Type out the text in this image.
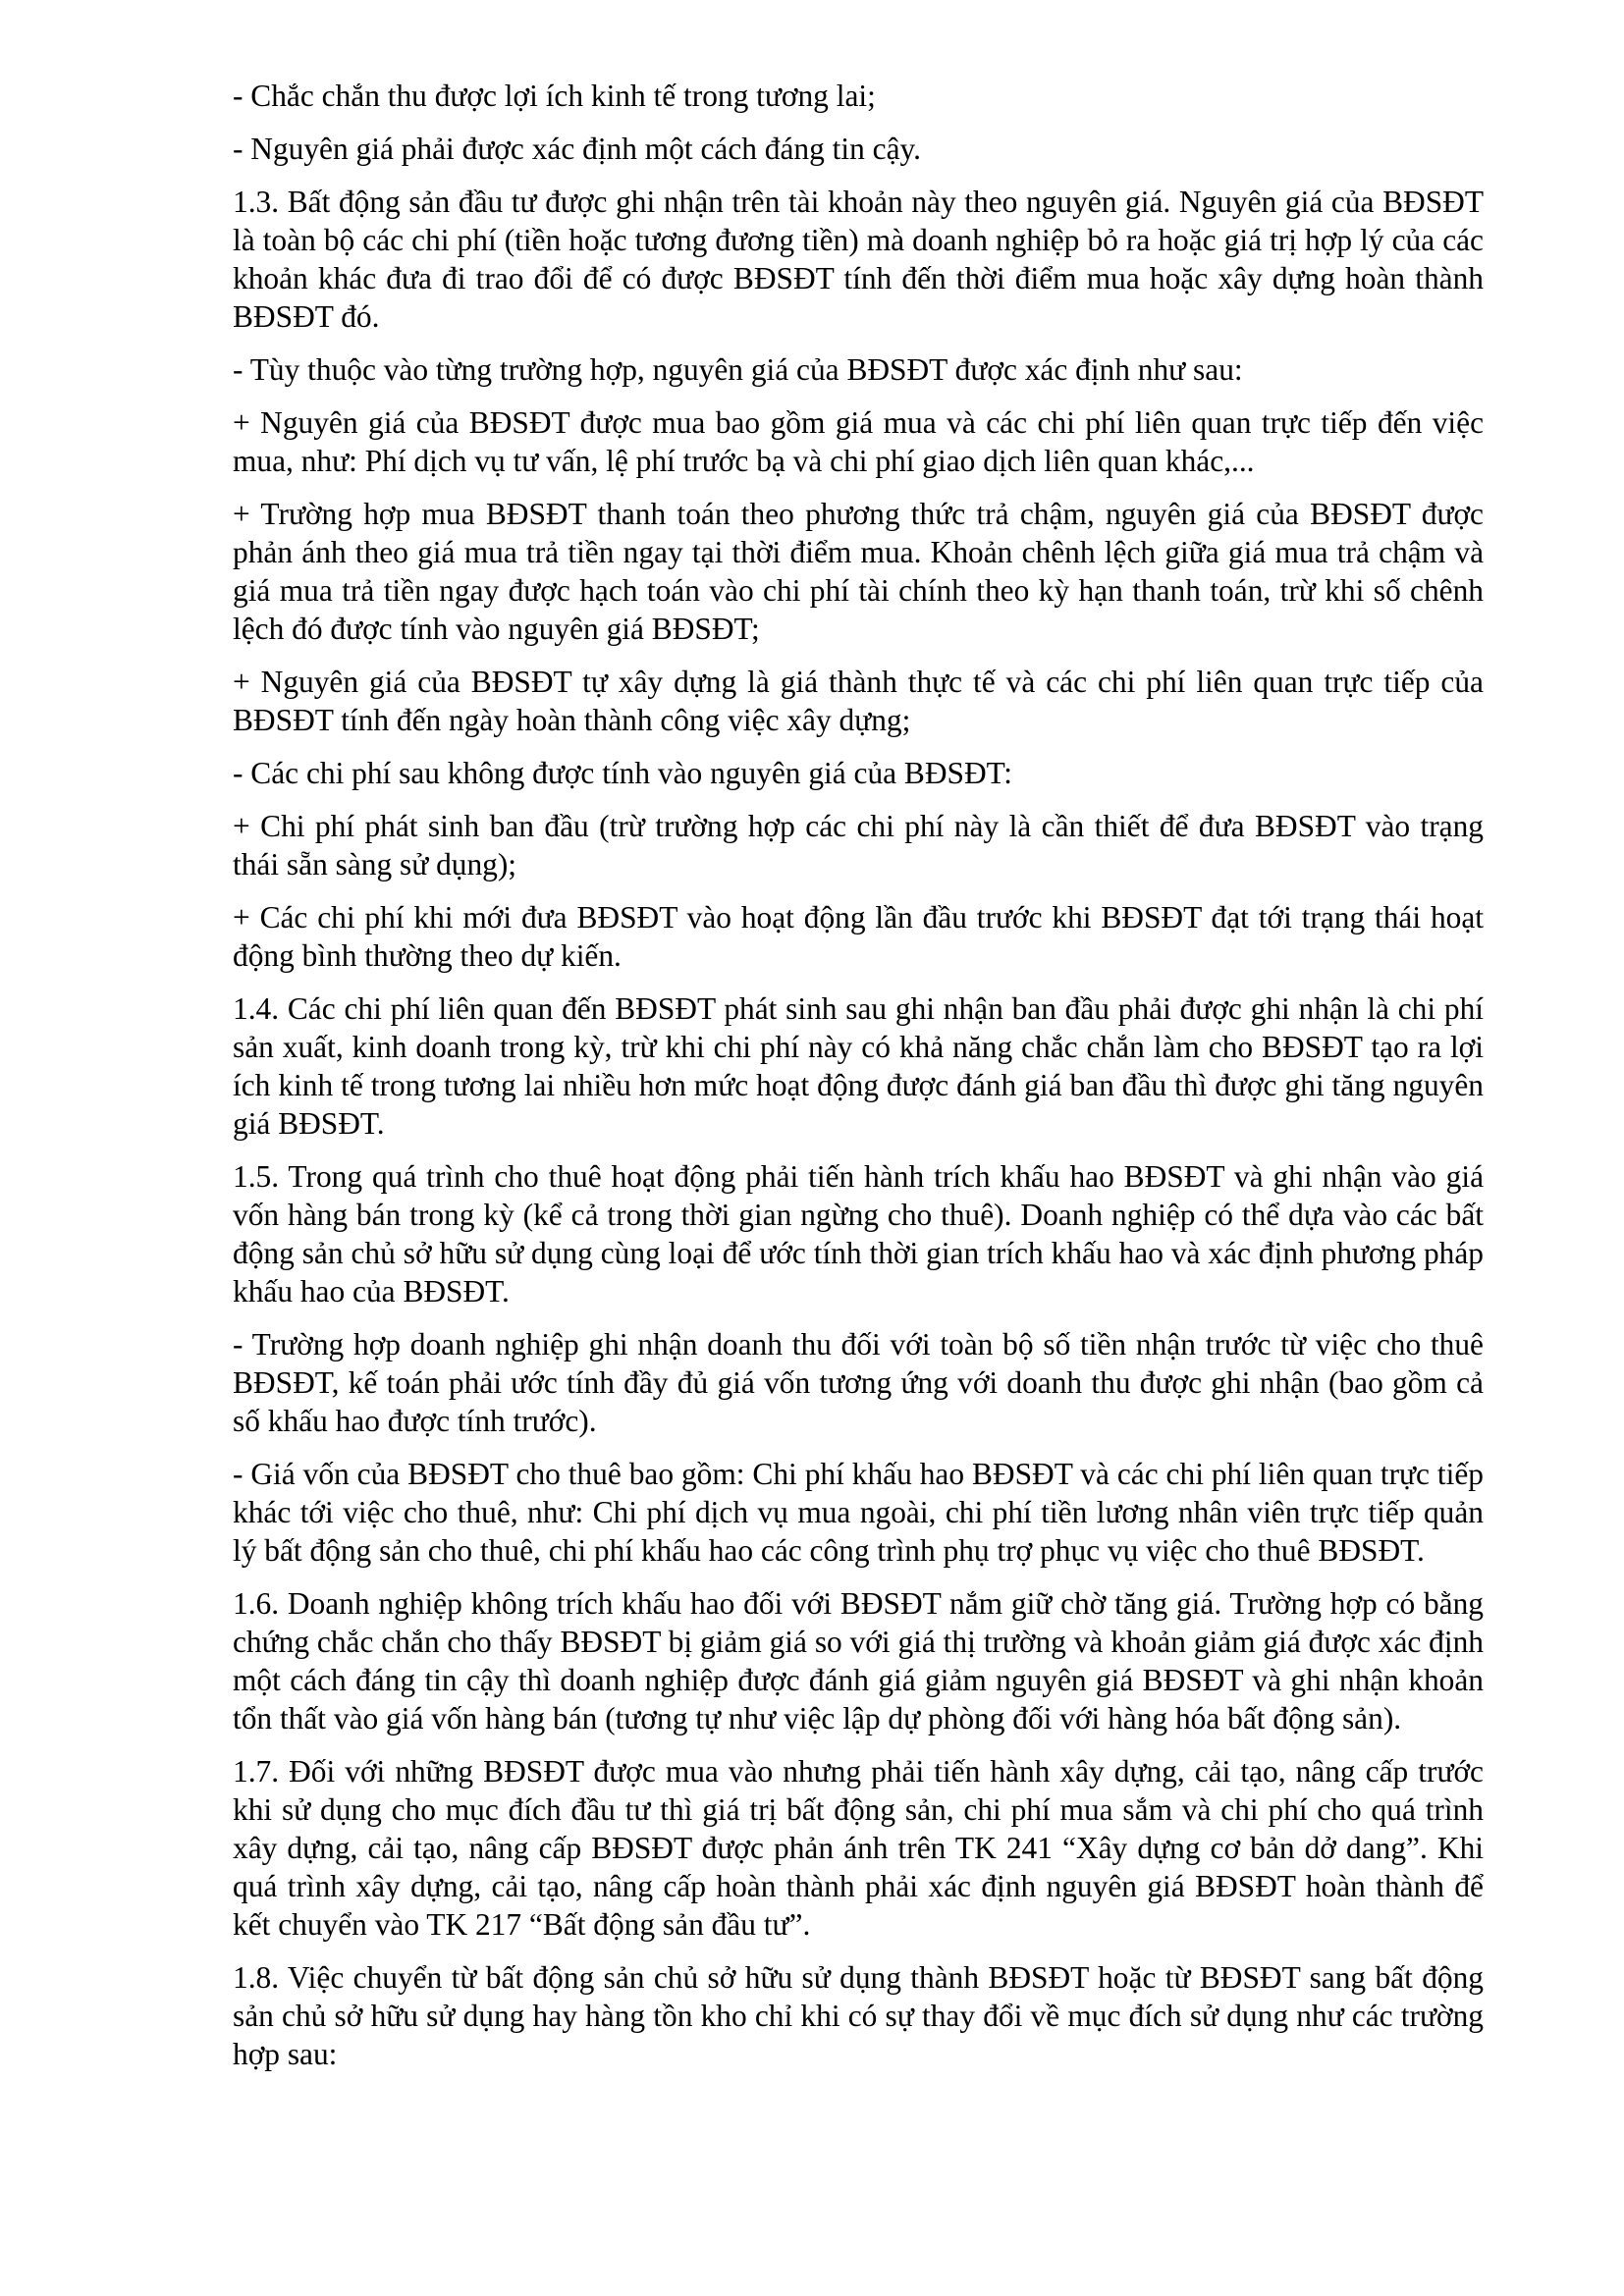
- Chắc chắn thu được lợi ích kinh tế trong tương lai;

- Nguyên giá phải được xác định một cách đáng tin cậy.

1.3. Bất động sản đầu tư được ghi nhận trên tài khoản này theo nguyên giá. Nguyên giá của BĐSĐT là toàn bộ các chi phí (tiền hoặc tương đương tiền) mà doanh nghiệp bỏ ra hoặc giá trị hợp lý của các khoản khác đưa đi trao đổi để có được BĐSĐT tính đến thời điểm mua hoặc xây dựng hoàn thành BĐSĐT đó.

- Tùy thuộc vào từng trường hợp, nguyên giá của BĐSĐT được xác định như sau:

+ Nguyên giá của BĐSĐT được mua bao gồm giá mua và các chi phí liên quan trực tiếp đến việc mua, như: Phí dịch vụ tư vấn, lệ phí trước bạ và chi phí giao dịch liên quan khác,...

+ Trường hợp mua BĐSĐT thanh toán theo phương thức trả chậm, nguyên giá của BĐSĐT được phản ánh theo giá mua trả tiền ngay tại thời điểm mua. Khoản chênh lệch giữa giá mua trả chậm và giá mua trả tiền ngay được hạch toán vào chi phí tài chính theo kỳ hạn thanh toán, trừ khi số chênh lệch đó được tính vào nguyên giá BĐSĐT;

+ Nguyên giá của BĐSĐT tự xây dựng là giá thành thực tế và các chi phí liên quan trực tiếp của BĐSĐT tính đến ngày hoàn thành công việc xây dựng;

- Các chi phí sau không được tính vào nguyên giá của BĐSĐT:

+ Chi phí phát sinh ban đầu (trừ trường hợp các chi phí này là cần thiết để đưa BĐSĐT vào trạng thái sẵn sàng sử dụng);

+ Các chi phí khi mới đưa BĐSĐT vào hoạt động lần đầu trước khi BĐSĐT đạt tới trạng thái hoạt động bình thường theo dự kiến.

1.4. Các chi phí liên quan đến BĐSĐT phát sinh sau ghi nhận ban đầu phải được ghi nhận là chi phí sản xuất, kinh doanh trong kỳ, trừ khi chi phí này có khả năng chắc chắn làm cho BĐSĐT tạo ra lợi ích kinh tế trong tương lai nhiều hơn mức hoạt động được đánh giá ban đầu thì được ghi tăng nguyên giá BĐSĐT.

1.5. Trong quá trình cho thuê hoạt động phải tiến hành trích khấu hao BĐSĐT và ghi nhận vào giá vốn hàng bán trong kỳ (kể cả trong thời gian ngừng cho thuê). Doanh nghiệp có thể dựa vào các bất động sản chủ sở hữu sử dụng cùng loại để ước tính thời gian trích khấu hao và xác định phương pháp khấu hao của BĐSĐT.

- Trường hợp doanh nghiệp ghi nhận doanh thu đối với toàn bộ số tiền nhận trước từ việc cho thuê BĐSĐT, kế toán phải ước tính đầy đủ giá vốn tương ứng với doanh thu được ghi nhận (bao gồm cả số khấu hao được tính trước).

- Giá vốn của BĐSĐT cho thuê bao gồm: Chi phí khấu hao BĐSĐT và các chi phí liên quan trực tiếp khác tới việc cho thuê, như: Chi phí dịch vụ mua ngoài, chi phí tiền lương nhân viên trực tiếp quản lý bất động sản cho thuê, chi phí khấu hao các công trình phụ trợ phục vụ việc cho thuê BĐSĐT.

1.6. Doanh nghiệp không trích khấu hao đối với BĐSĐT nắm giữ chờ tăng giá. Trường hợp có bằng chứng chắc chắn cho thấy BĐSĐT bị giảm giá so với giá thị trường và khoản giảm giá được xác định một cách đáng tin cậy thì doanh nghiệp được đánh giá giảm nguyên giá BĐSĐT và ghi nhận khoản tổn thất vào giá vốn hàng bán (tương tự như việc lập dự phòng đối với hàng hóa bất động sản).

1.7. Đối với những BĐSĐT được mua vào nhưng phải tiến hành xây dựng, cải tạo, nâng cấp trước khi sử dụng cho mục đích đầu tư thì giá trị bất động sản, chi phí mua sắm và chi phí cho quá trình xây dựng, cải tạo, nâng cấp BĐSĐT được phản ánh trên TK 241 “Xây dựng cơ bản dở dang”. Khi quá trình xây dựng, cải tạo, nâng cấp hoàn thành phải xác định nguyên giá BĐSĐT hoàn thành để kết chuyển vào TK 217 “Bất động sản đầu tư”.

1.8. Việc chuyển từ bất động sản chủ sở hữu sử dụng thành BĐSĐT hoặc từ BĐSĐT sang bất động sản chủ sở hữu sử dụng hay hàng tồn kho chỉ khi có sự thay đổi về mục đích sử dụng như các trường hợp sau:
